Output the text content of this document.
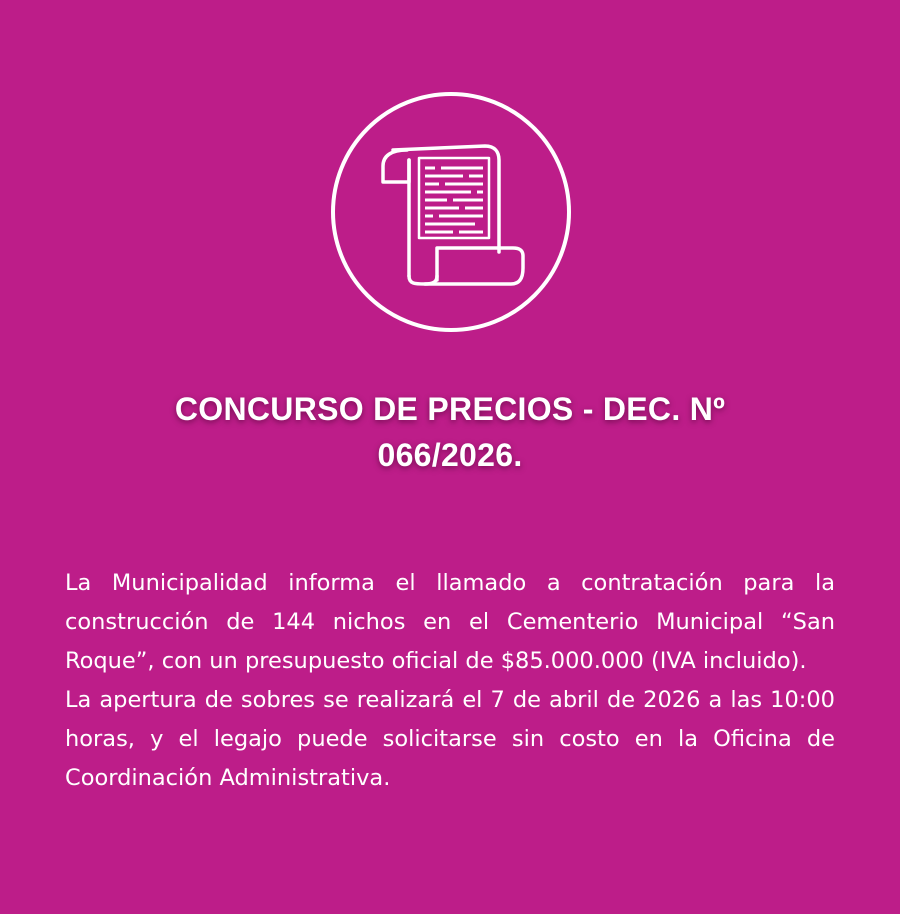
CONCURSO DE PRECIOS - DEC. Nº
066/2026.

La Municipalidad informa el llamado a contratación para la construcción de 144 nichos en el Cementerio Municipal “San Roque”, con un presupuesto oficial de $85.000.000 (IVA incluido).

La apertura de sobres se realizará el 7 de abril de 2026 a las 10:00 horas, y el legajo puede solicitarse sin costo en la Oficina de Coordinación Administrativa.
